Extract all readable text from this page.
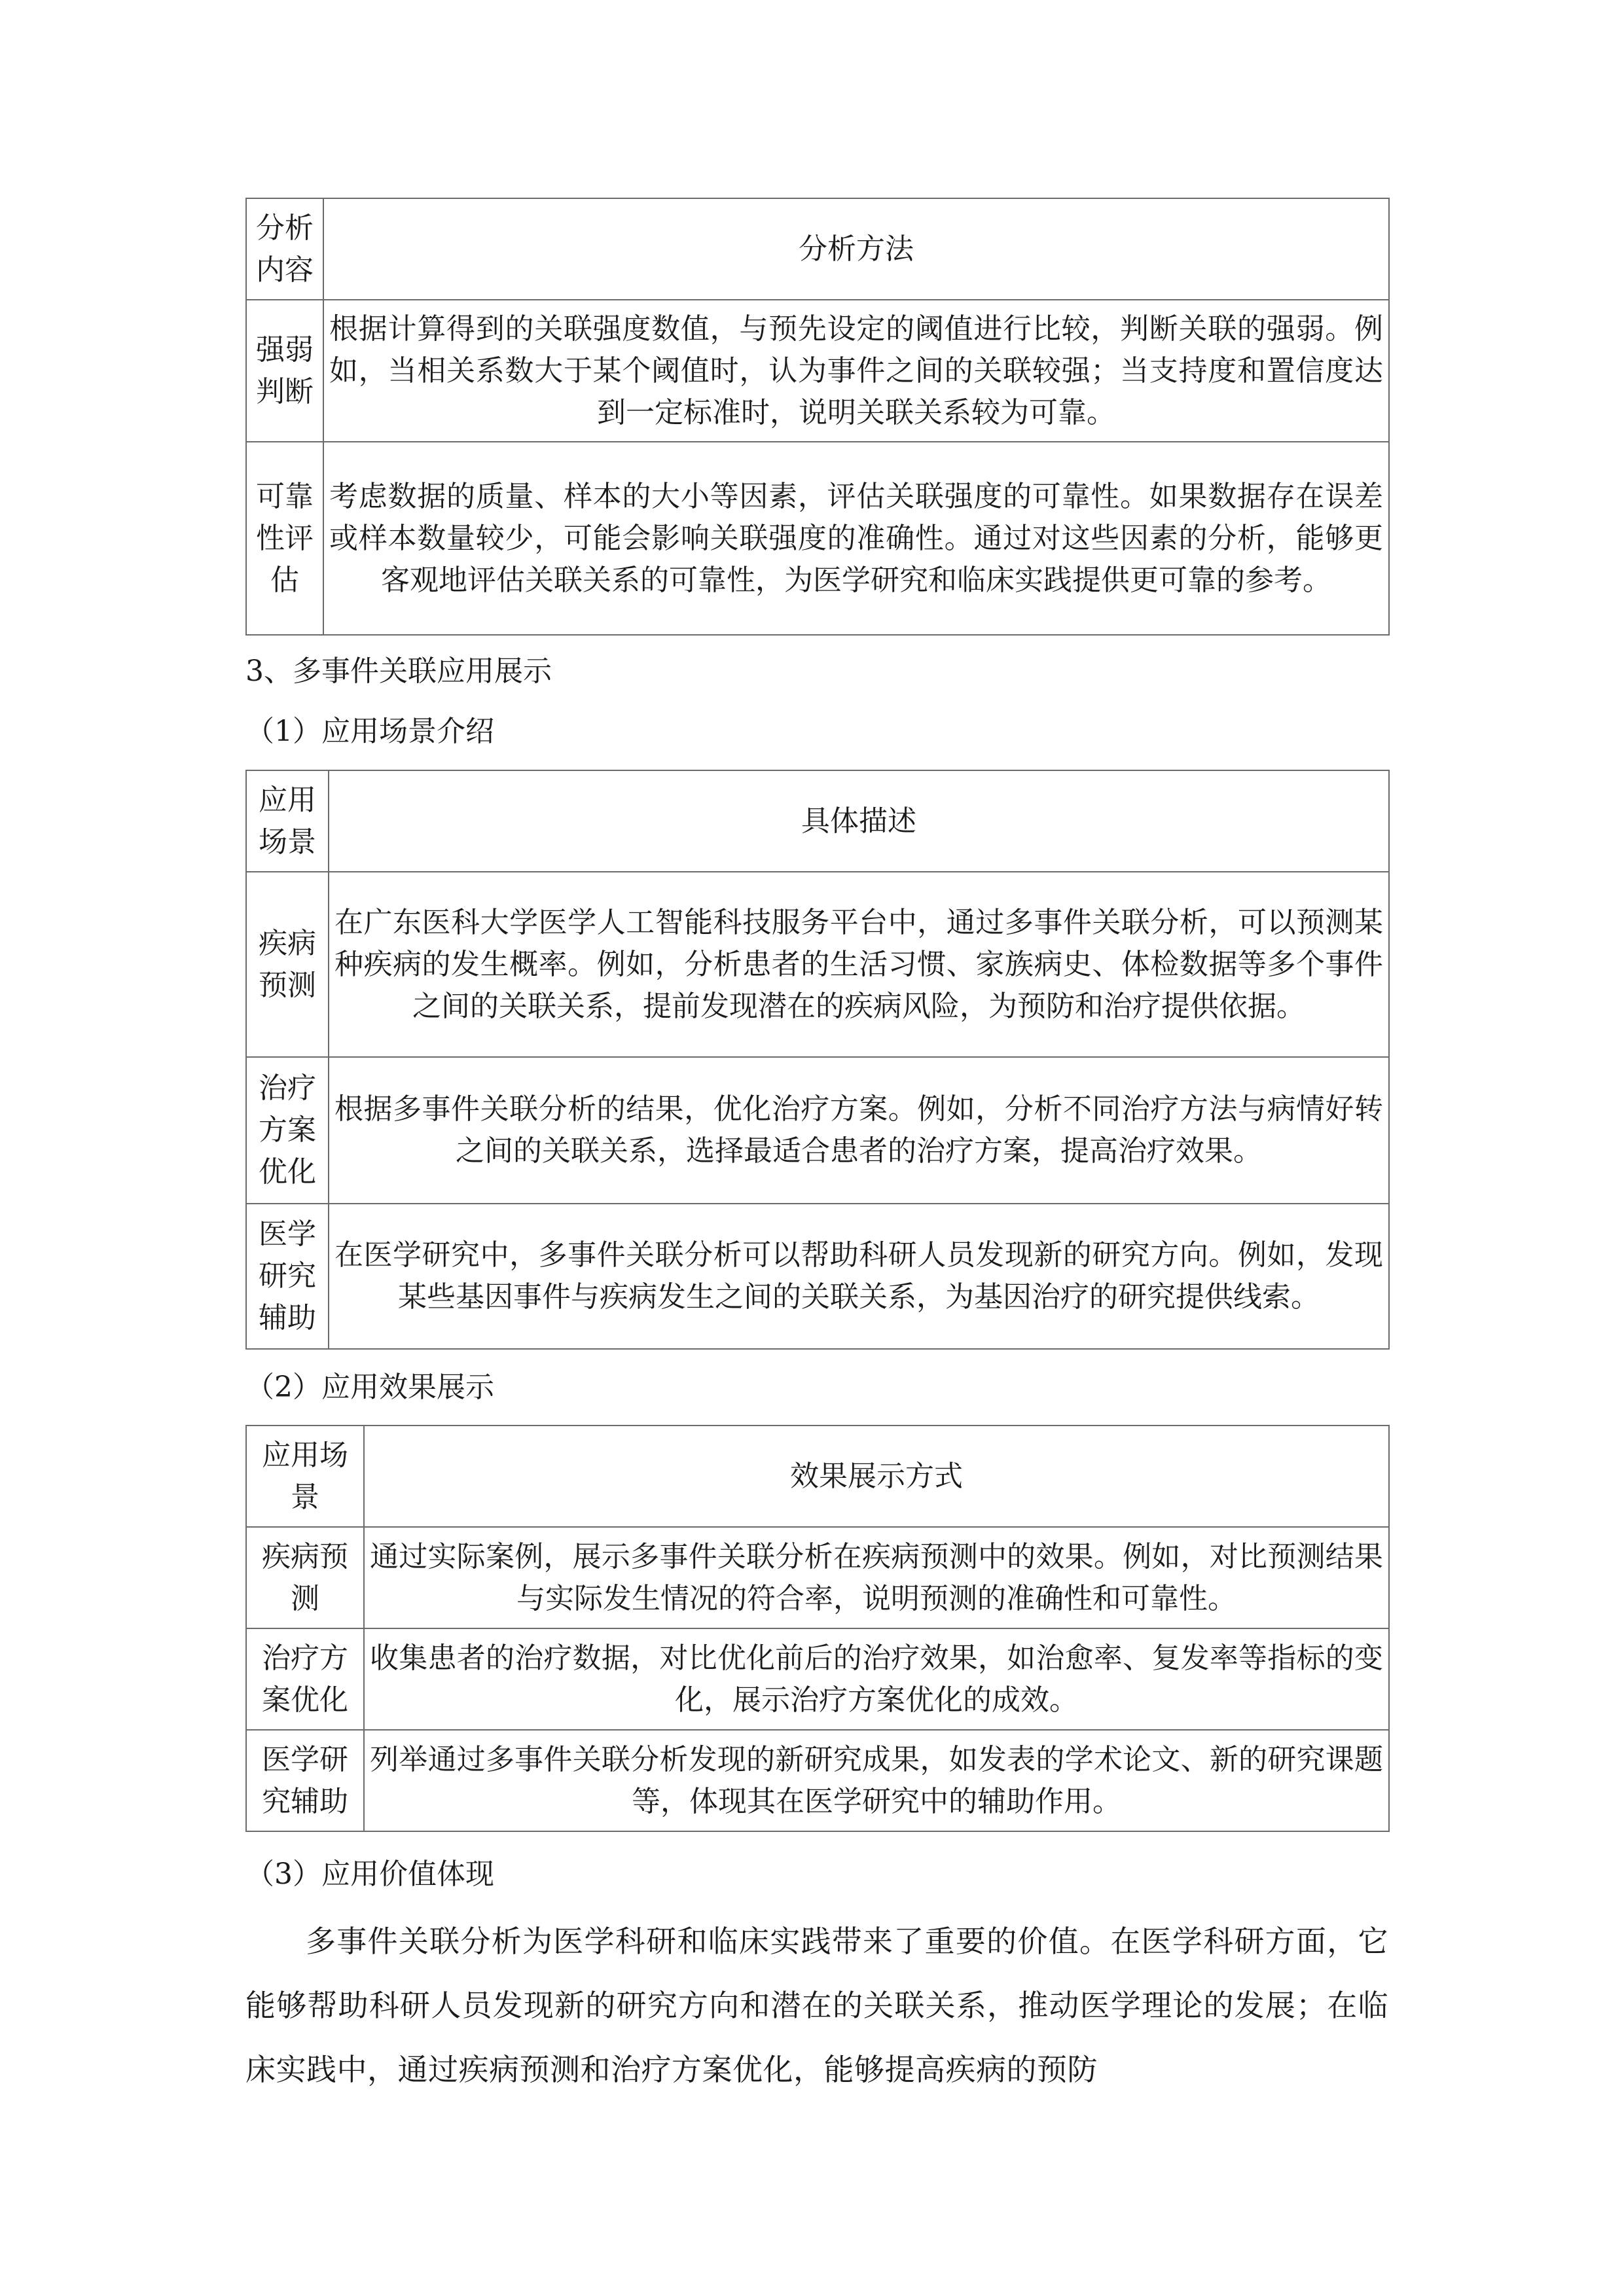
分析内容	分析方法
强弱判断	根据计算得到的关联强度数值，与预先设定的阈值进行比较，判断关联的强弱。例如，当相关系数大于某个阈值时，认为事件之间的关联较强；当支持度和置信度达到一定标准时，说明关联关系较为可靠。
可靠性评估	考虑数据的质量、样本的大小等因素，评估关联强度的可靠性。如果数据存在误差或样本数量较少，可能会影响关联强度的准确性。通过对这些因素的分析，能够更客观地评估关联关系的可靠性，为医学研究和临床实践提供更可靠的参考。
3、多事件关联应用展示
（1）应用场景介绍
应用场景	具体描述
疾病预测	在广东医科大学医学人工智能科技服务平台中，通过多事件关联分析，可以预测某种疾病的发生概率。例如，分析患者的生活习惯、家族病史、体检数据等多个事件之间的关联关系，提前发现潜在的疾病风险，为预防和治疗提供依据。
治疗方案优化	根据多事件关联分析的结果，优化治疗方案。例如，分析不同治疗方法与病情好转之间的关联关系，选择最适合患者的治疗方案，提高治疗效果。
医学研究辅助	在医学研究中，多事件关联分析可以帮助科研人员发现新的研究方向。例如，发现某些基因事件与疾病发生之间的关联关系，为基因治疗的研究提供线索。
（2）应用效果展示
应用场景	效果展示方式
疾病预测	通过实际案例，展示多事件关联分析在疾病预测中的效果。例如，对比预测结果与实际发生情况的符合率，说明预测的准确性和可靠性。
治疗方案优化	收集患者的治疗数据，对比优化前后的治疗效果，如治愈率、复发率等指标的变化，展示治疗方案优化的成效。
医学研究辅助	列举通过多事件关联分析发现的新研究成果，如发表的学术论文、新的研究课题等，体现其在医学研究中的辅助作用。
（3）应用价值体现
多事件关联分析为医学科研和临床实践带来了重要的价值。在医学科研方面，它能够帮助科研人员发现新的研究方向和潜在的关联关系，推动医学理论的发展；在临床实践中，通过疾病预测和治疗方案优化，能够提高疾病的预防
